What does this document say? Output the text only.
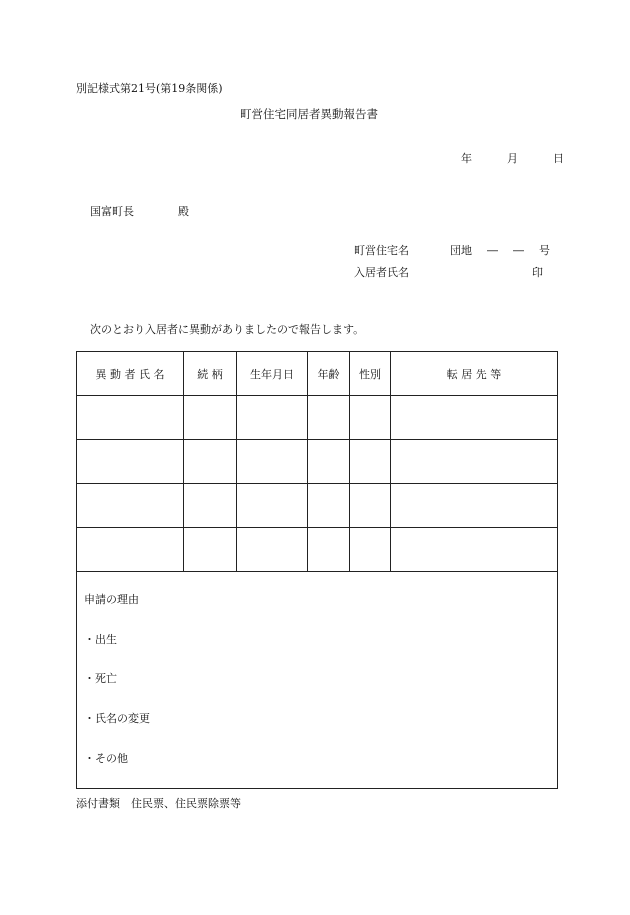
別記様式第21号(第19条関係)
町営住宅同居者異動報告書
年	月	日
国富町長	殿
町営住宅名	団地 ― ― 号
入居者氏名	印
次のとおり入居者に異動がありましたので報告します。
異 動 者 氏 名	続 柄	生年月日	年齢	性別	転 居 先 等

申請の理由
・出生
・死亡
・氏名の変更
・その他
添付書類　住民票、住民票除票等
